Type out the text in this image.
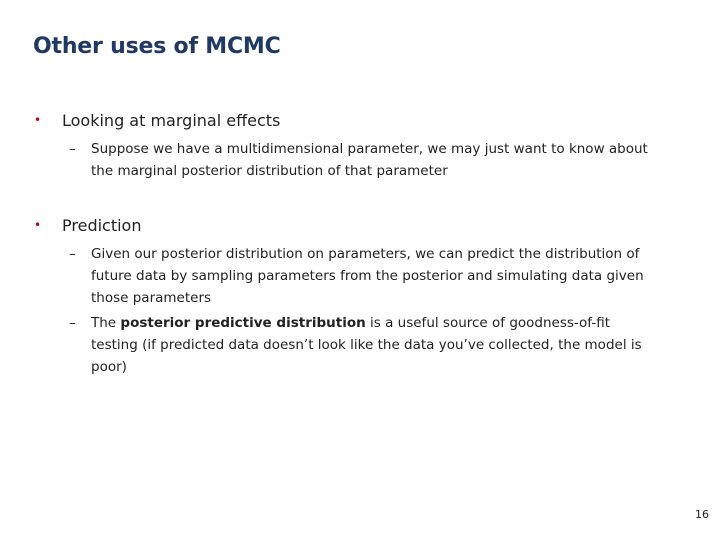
Other uses of MCMC
•	Looking at marginal effects
–	Suppose we have a multidimensional parameter, we may just want to know about the marginal posterior distribution of that parameter
•	Prediction
–	Given our posterior distribution on parameters, we can predict the distribution of future data by sampling parameters from the posterior and simulating data given those parameters
–	The posterior predictive distribution is a useful source of goodness-of-fit testing (if predicted data doesn’t look like the data you’ve collected, the model is poor)
16
